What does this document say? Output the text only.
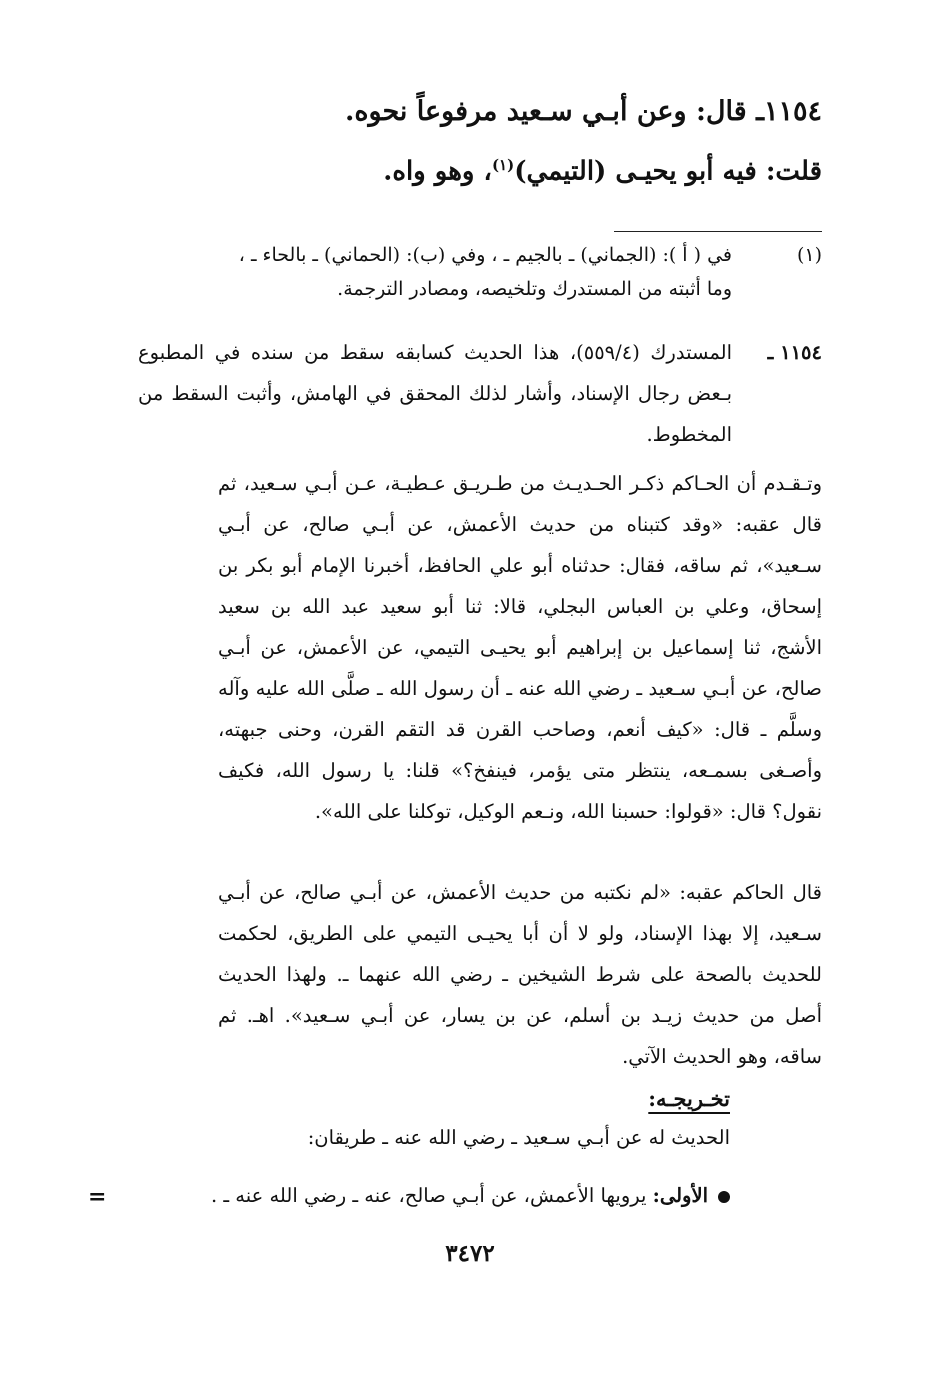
١١٥٤ـ قال: وعن أبـي سـعيد مرفوعاً نحوه.
قلت: فيه أبو يحيـى (التيمي)$^{(١)}$، وهو واه.
(١)
في ( أ ): (الجماني) ـ بالجيم ـ ، وفي (ب): (الحماني) ـ بالحاء ـ ،
وما أثبته من المستدرك وتلخيصه، ومصادر الترجمة.
١١٥٤ ـ
المستدرك (٥٥٩/٤)، هذا الحديث كسابقه سقط من سنده في المطبوع بـعض رجال الإسناد، وأشار لذلك المحقق في الهامش، وأثبت السقط من المخطوط.

وتـقـدم أن الحـاكم ذكـر الحـديـث من طـريـق عـطيـة، عـن أبـي سـعيد، ثم قال عقبه: «وقد كتبناه من حديث الأعمش، عن أبـي صالح، عن أبـي سـعيد»، ثم ساقه، فقال: حدثناه أبو علي الحافظ، أخبرنا الإمام أبو بكر بن إسحاق، وعلي بن العباس البجلي، قالا: ثنا أبو سعيد عبد الله بن سعيد الأشج، ثنا إسماعيل بن إبراهيم أبو يحيـى التيمي، عن الأعمش، عن أبـي صالح، عن أبـي سـعيد ـ رضي الله عنه ـ أن رسول الله ـ صلَّى الله عليه وآله وسلَّم ـ قال: «كيف أنعم، وصاحب القرن قد التقم القرن، وحنى جبهته، وأصـغى بسمـعه، ينتظر متى يؤمر، فينفخ؟» قلنا: يا رسول الله، فكيف نقول؟ قال: «قولوا: حسبنا الله، ونـعم الوكيل، توكلنا على الله».

قال الحاكم عقبه: «لم نكتبه من حديث الأعمش، عن أبـي صالح، عن أبـي سـعيد، إلا بهذا الإسناد، ولو لا أن أبا يحيـى التيمي على الطريق، لحكمت للحديث بالصحة على شرط الشيخين ـ رضي الله عنهما ـ. ولهذا الحديث أصل من حديث زيـد بن أسلم، عن بن يسار، عن أبـي سـعيد». اهـ. ثم ساقه، وهو الحديث الآتي.

تخـريجـه:
الحديث له عن أبـي سـعيد ـ رضي الله عنه ـ طريقان:
الأولى: يرويها الأعمش، عن أبـي صالح، عنه ـ رضي الله عنه ـ .
=
٣٤٧٢
